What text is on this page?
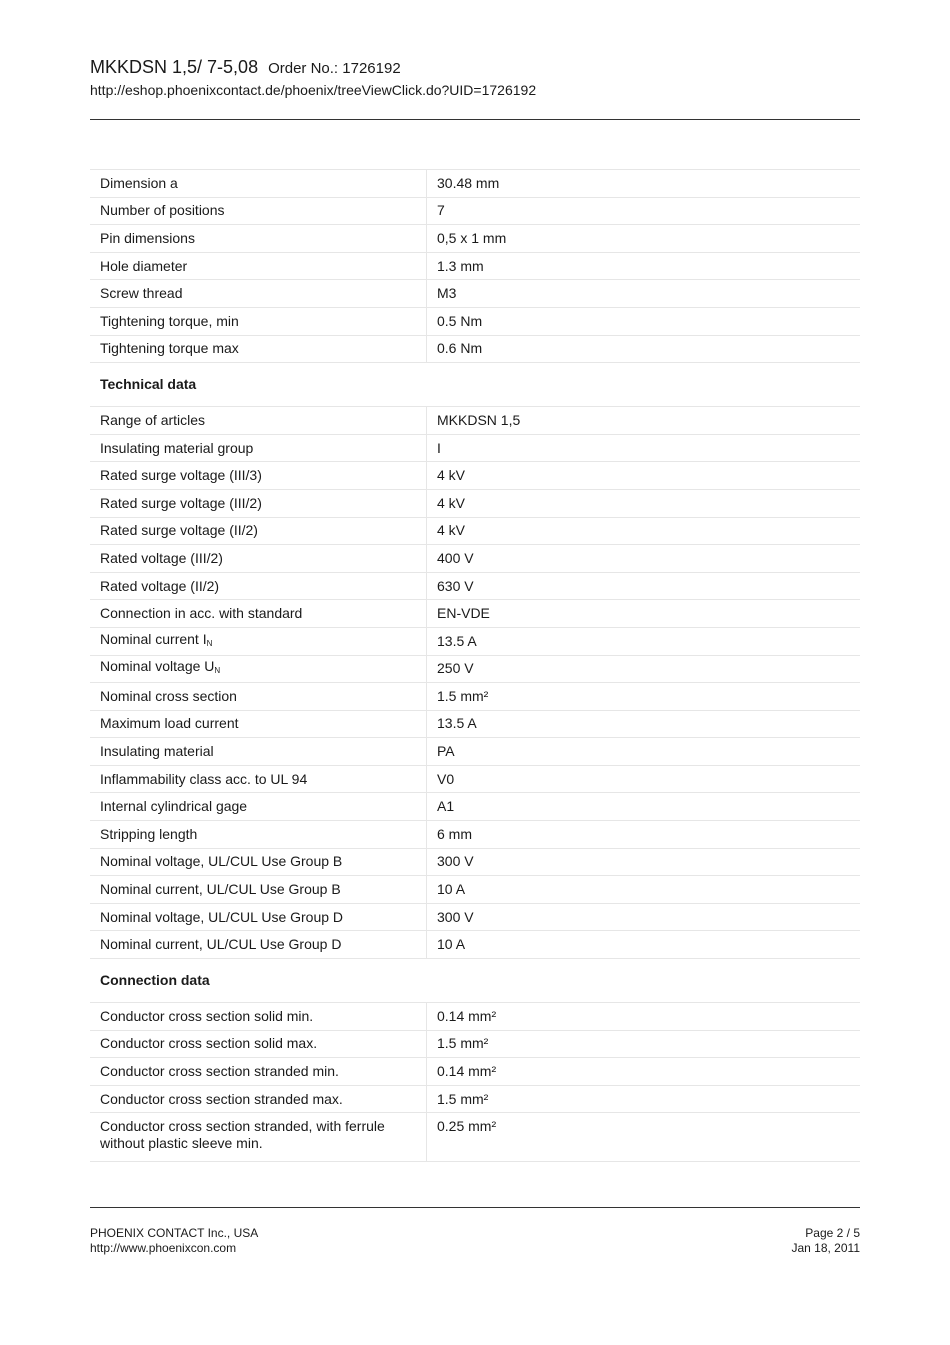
MKKDSN 1,5/ 7-5,08 Order No.: 1726192
http://eshop.phoenixcontact.de/phoenix/treeViewClick.do?UID=1726192
Dimension a	30.48 mm
Number of positions	7
Pin dimensions	0,5 x 1 mm
Hole diameter	1.3 mm
Screw thread	M3
Tightening torque, min	0.5 Nm
Tightening torque max	0.6 Nm
Technical data
Range of articles	MKKDSN 1,5
Insulating material group	I
Rated surge voltage (III/3)	4 kV
Rated surge voltage (III/2)	4 kV
Rated surge voltage (II/2)	4 kV
Rated voltage (III/2)	400 V
Rated voltage (II/2)	630 V
Connection in acc. with standard	EN-VDE
Nominal current $I_N$	13.5 A
Nominal voltage $U_N$	250 V
Nominal cross section	1.5 mm²
Maximum load current	13.5 A
Insulating material	PA
Inflammability class acc. to UL 94	V0
Internal cylindrical gage	A1
Stripping length	6 mm
Nominal voltage, UL/CUL Use Group B	300 V
Nominal current, UL/CUL Use Group B	10 A
Nominal voltage, UL/CUL Use Group D	300 V
Nominal current, UL/CUL Use Group D	10 A
Connection data
Conductor cross section solid min.	0.14 mm²
Conductor cross section solid max.	1.5 mm²
Conductor cross section stranded min.	0.14 mm²
Conductor cross section stranded max.	1.5 mm²
Conductor cross section stranded, with ferrule without plastic sleeve min.	0.25 mm²
PHOENIX CONTACT Inc., USA
http://www.phoenixcon.com
Page 2 / 5
Jan 18, 2011
